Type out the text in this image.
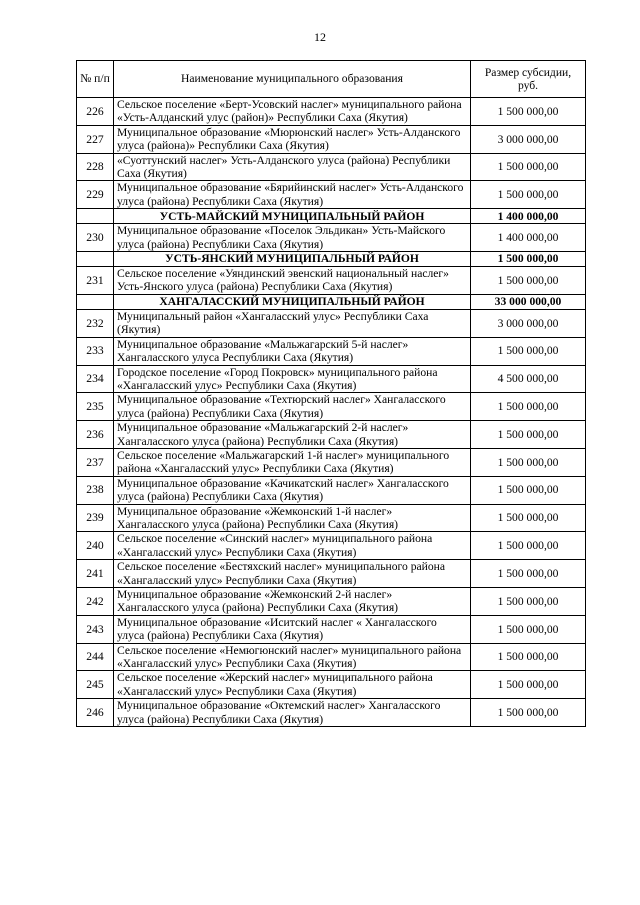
12
№ п/п	Наименование муниципального образования	Размер субсидии, руб.
226	Сельское поселение «Берт-Усовский наслег» муниципального района «Усть-Алданский улус (район)» Республики Саха (Якутия)	1 500 000,00
227	Муниципальное образование «Мюрюнский наслег» Усть-Алданского улуса (района)» Республики Саха (Якутия)	3 000 000,00
228	«Суоттунский наслег» Усть-Алданского улуса (района) Республики Саха (Якутия)	1 500 000,00
229	Муниципальное образование «Бярийинский наслег» Усть-Алданского улуса (района) Республики Саха (Якутия)	1 500 000,00
	УСТЬ-МАЙСКИЙ МУНИЦИПАЛЬНЫЙ РАЙОН	1 400 000,00
230	Муниципальное образование «Поселок Эльдикан» Усть-Майского улуса (района) Республики Саха (Якутия)	1 400 000,00
	УСТЬ-ЯНСКИЙ МУНИЦИПАЛЬНЫЙ РАЙОН	1 500 000,00
231	Сельское поселение «Уяндинский эвенский национальный наслег» Усть-Янского улуса (района) Республики Саха (Якутия)	1 500 000,00
	ХАНГАЛАССКИЙ МУНИЦИПАЛЬНЫЙ РАЙОН	33 000 000,00
232	Муниципальный район «Хангаласский улус» Республики Саха (Якутия)	3 000 000,00
233	Муниципальное образование «Мальжагарский 5-й наслег» Хангаласского улуса Республики Саха (Якутия)	1 500 000,00
234	Городское поселение «Город Покровск» муниципального района «Хангаласский улус» Республики Саха (Якутия)	4 500 000,00
235	Муниципальное образование «Техтюрский наслег» Хангаласского улуса (района) Республики Саха (Якутия)	1 500 000,00
236	Муниципальное образование «Мальжагарский 2-й наслег» Хангаласского улуса (района) Республики Саха (Якутия)	1 500 000,00
237	Сельское поселение «Мальжагарский 1-й наслег» муниципального района «Хангаласский улус» Республики Саха (Якутия)	1 500 000,00
238	Муниципальное образование «Качикатский наслег» Хангаласского улуса (района) Республики Саха (Якутия)	1 500 000,00
239	Муниципальное образование «Жемконский 1-й наслег» Хангаласского улуса (района) Республики Саха (Якутия)	1 500 000,00
240	Сельское поселение «Синский наслег» муниципального района «Хангаласский улус» Республики Саха (Якутия)	1 500 000,00
241	Сельское поселение «Бестяхский наслег» муниципального района «Хангаласский улус» Республики Саха (Якутия)	1 500 000,00
242	Муниципальное образование «Жемконский 2-й наслег» Хангаласского улуса (района) Республики Саха (Якутия)	1 500 000,00
243	Муниципальное образование «Иситский наслег « Хангаласского улуса (района) Республики Саха (Якутия)	1 500 000,00
244	Сельское поселение «Немюгюнский наслег» муниципального района «Хангаласский улус» Республики Саха (Якутия)	1 500 000,00
245	Сельское поселение «Жерский наслег» муниципального района «Хангаласский улус» Республики Саха (Якутия)	1 500 000,00
246	Муниципальное образование «Октемский наслег» Хангаласского улуса (района) Республики Саха (Якутия)	1 500 000,00
